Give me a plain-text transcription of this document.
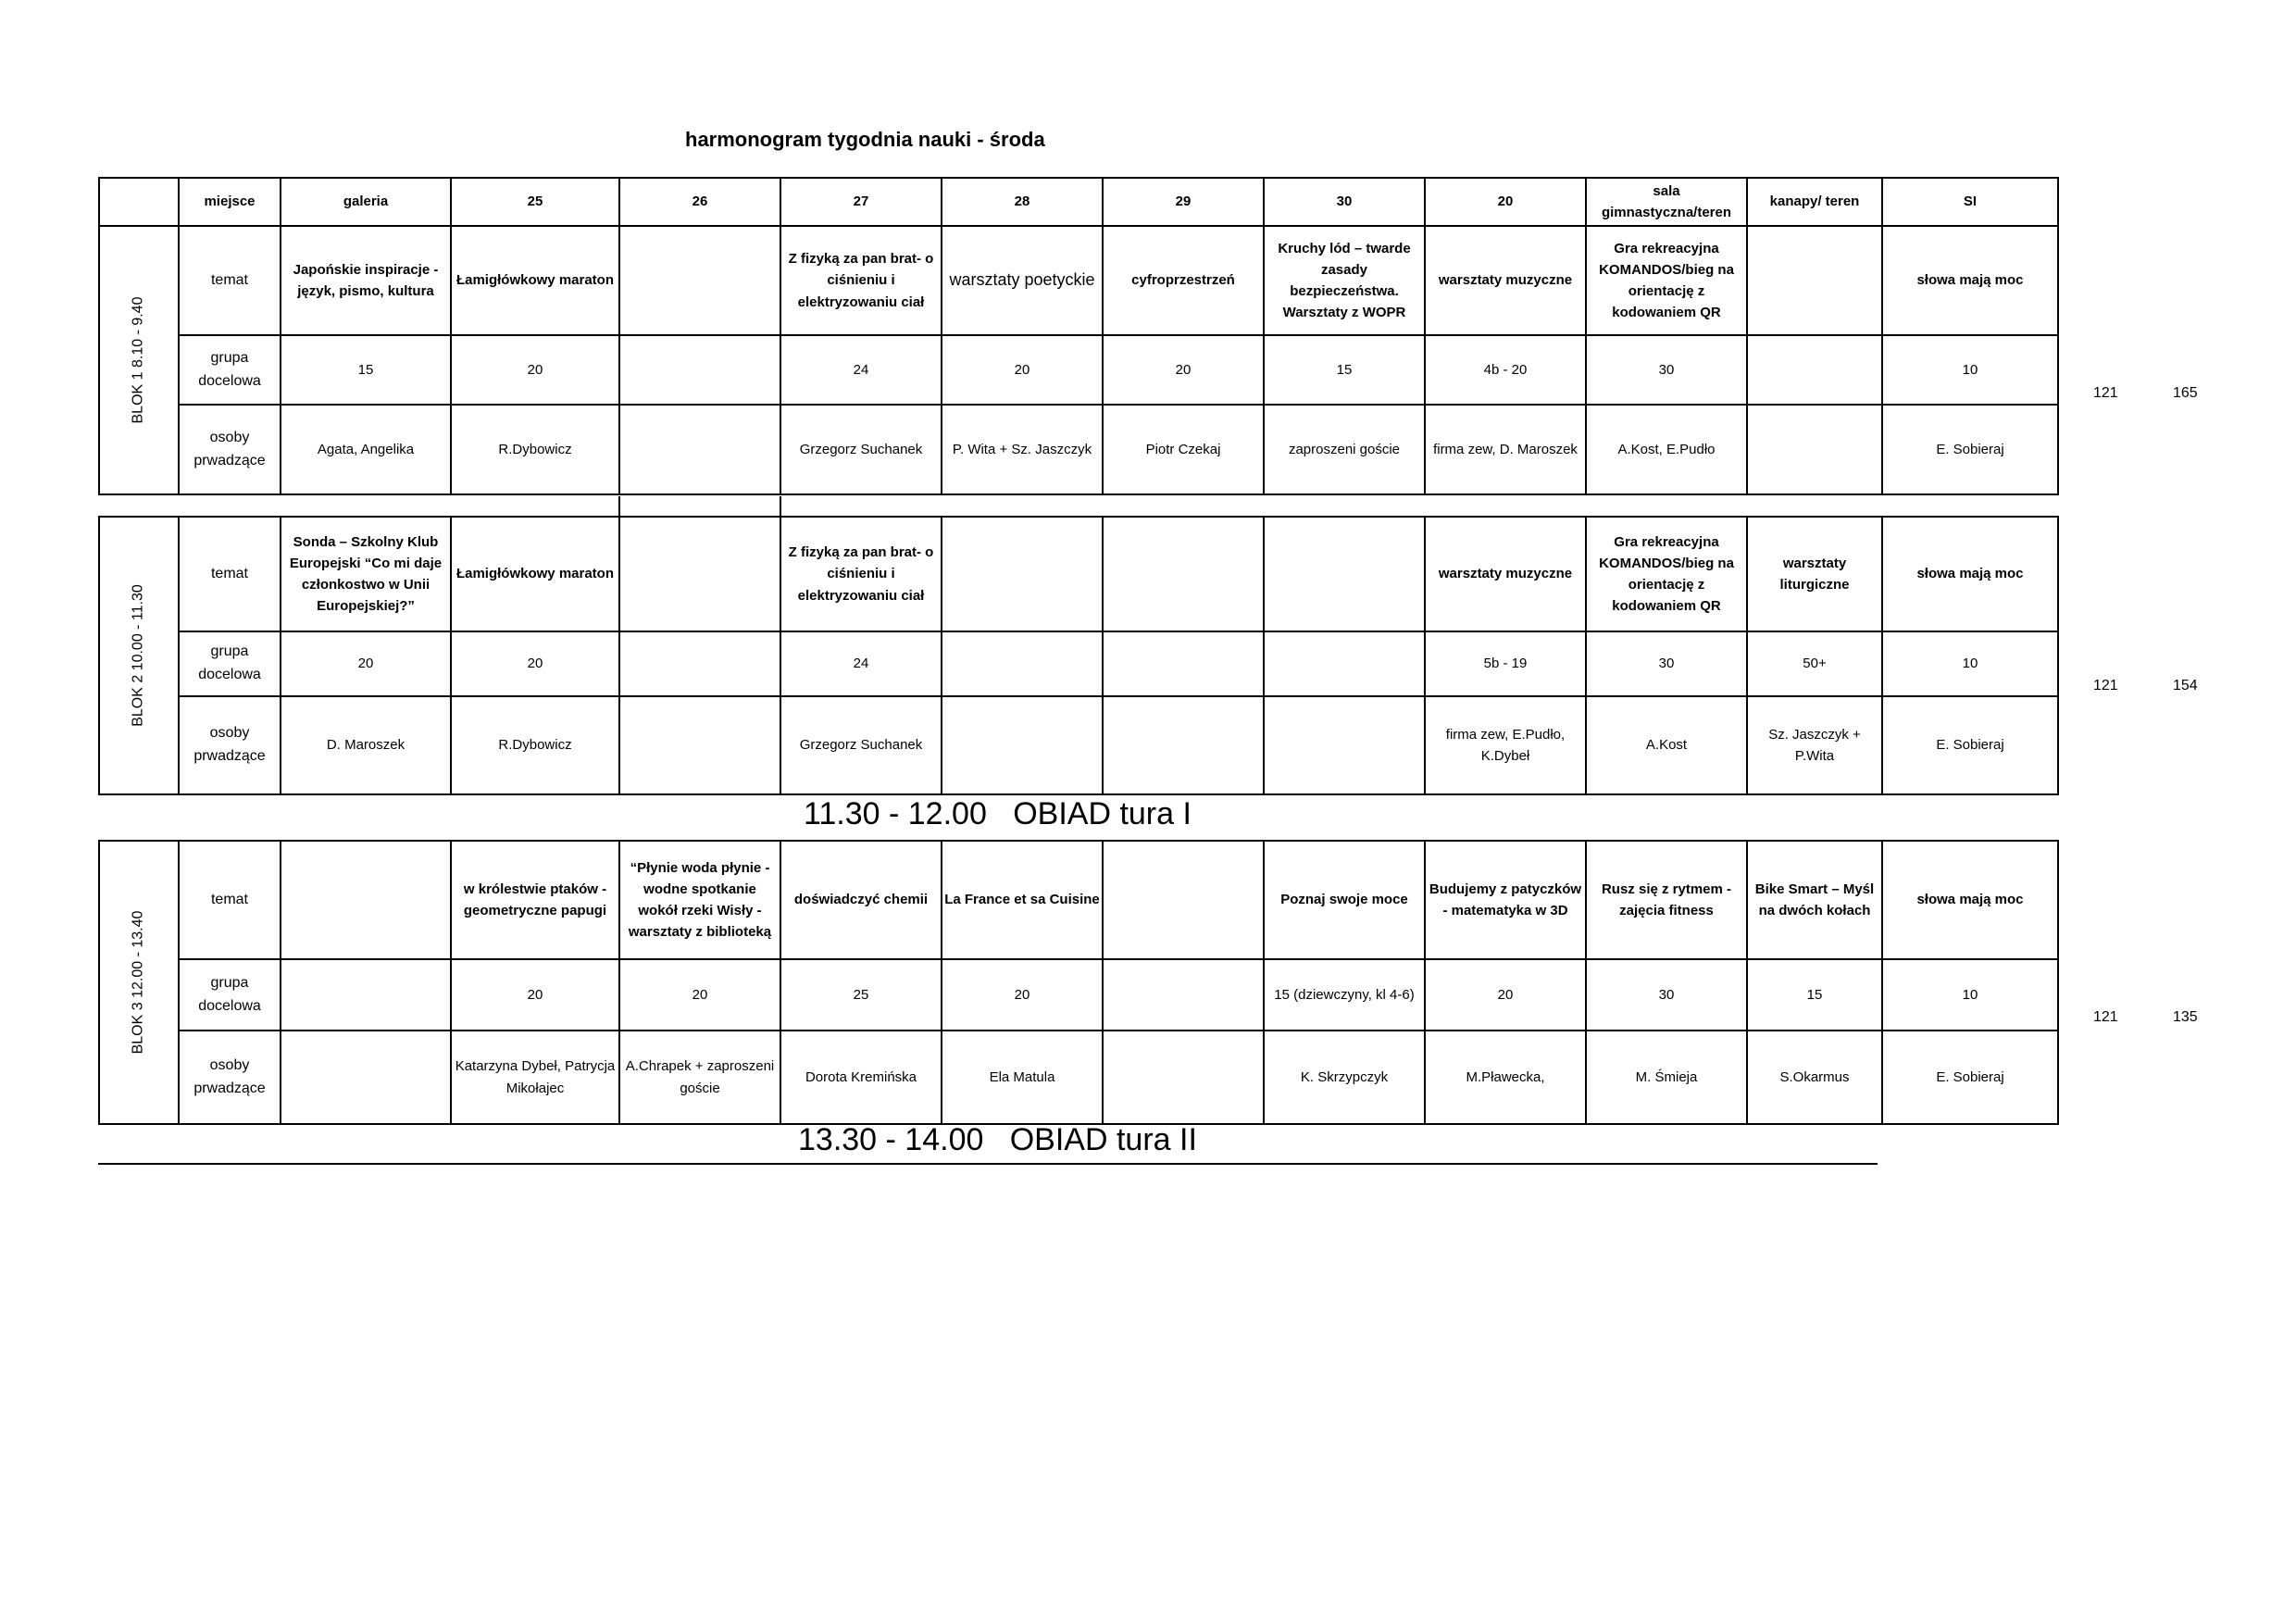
harmonogram tygodnia nauki - środa
	miejsce	galeria	25	26	27	28	29	30	20	sala gimnastyczna/teren	kanapy/ teren	SI	

BLOK 1 8.10 - 9.40	temat	Japońskie inspiracje - język, pismo, kultura	Łamigłówkowy maraton		Z fizyką za pan brat- o ciśnieniu i elektryzowaniu ciał	warsztaty poetyckie	cyfroprzestrzeń	Kruchy lód – twarde zasady bezpieczeństwa. Warsztaty z WOPR	warsztaty muzyczne	Gra rekreacyjna KOMANDOS/bieg na orientację z kodowaniem QR		słowa mają moc	
	grupa docelowa	15	20		24	20	20	15	4b - 20	30		10	
	osoby prwadzące	Agata, Angelika	R.Dybowicz		Grzegorz Suchanek	P. Wita + Sz. Jaszczyk	Piotr Czekaj	zaproszeni goście	firma zew, D. Maroszek	A.Kost, E.Pudło		E. Sobieraj	
121	165
BLOK 2 10.00 - 11.30	temat	Sonda – Szkolny Klub Europejski “Co mi daje członkostwo w Unii Europejskiej?”	Łamigłówkowy maraton		Z fizyką za pan brat- o ciśnieniu i elektryzowaniu ciał				warsztaty muzyczne	Gra rekreacyjna KOMANDOS/bieg na orientację z kodowaniem QR	warsztaty liturgiczne	słowa mają moc	
	grupa docelowa	20	20		24				5b - 19	30	50+	10	
	osoby prwadzące	D. Maroszek	R.Dybowicz		Grzegorz Suchanek				firma zew, E.Pudło, K.Dybeł	A.Kost	Sz. Jaszczyk + P.Wita	E. Sobieraj	
121	154
11.30 - 12.00   OBIAD tura I
BLOK 3 12.00 - 13.40	temat		w królestwie ptaków - geometryczne papugi	“Płynie woda płynie - wodne spotkanie wokół rzeki Wisły - warsztaty z biblioteką	doświadczyć chemii	La France et sa Cuisine		Poznaj swoje moce	Budujemy z patyczków - matematyka w 3D	Rusz się z rytmem - zajęcia fitness	Bike Smart – Myśl na dwóch kołach	słowa mają moc	
	grupa docelowa		20	20	25	20		15 (dziewczyny, kl 4-6)	20	30	15	10	
	osoby prwadzące		Katarzyna Dybeł, Patrycja Mikołajec	A.Chrapek + zaproszeni goście	Dorota Kremińska	Ela Matula		K. Skrzypczyk	M.Pławecka,	M. Śmieja	S.Okarmus	E. Sobieraj	
121	135
13.30 - 14.00   OBIAD tura II
